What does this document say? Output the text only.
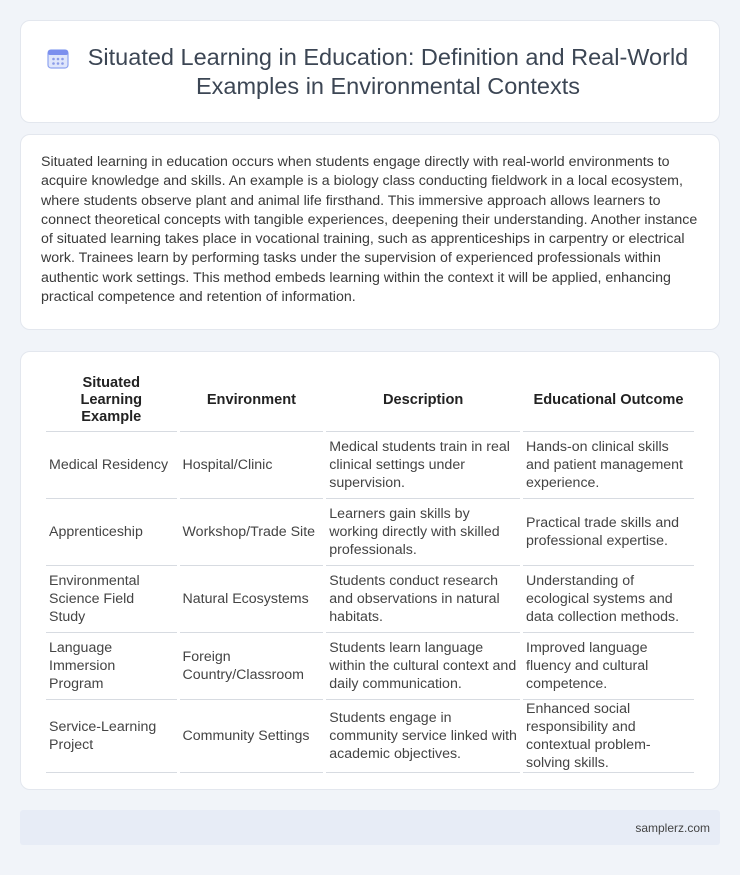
Situated Learning in Education: Definition and Real-World Examples in Environmental Contexts

Situated learning in education occurs when students engage directly with real-world environments to acquire knowledge and skills. An example is a biology class conducting fieldwork in a local ecosystem, where students observe plant and animal life firsthand. This immersive approach allows learners to connect theoretical concepts with tangible experiences, deepening their understanding. Another instance of situated learning takes place in vocational training, such as apprenticeships in carpentry or electrical work. Trainees learn by performing tasks under the supervision of experienced professionals within authentic work settings. This method embeds learning within the context it will be applied, enhancing practical competence and retention of information.

Situated Learning Example	Environment	Description	Educational Outcome
Medical Residency	Hospital/Clinic	Medical students train in real clinical settings under supervision.	Hands-on clinical skills and patient management experience.
Apprenticeship	Workshop/Trade Site	Learners gain skills by working directly with skilled professionals.	Practical trade skills and professional expertise.
Environmental Science Field Study	Natural Ecosystems	Students conduct research and observations in natural habitats.	Understanding of ecological systems and data collection methods.
Language Immersion Program	Foreign Country/Classroom	Students learn language within the cultural context and daily communication.	Improved language fluency and cultural competence.
Service-Learning Project	Community Settings	Students engage in community service linked with academic objectives.	Enhanced social responsibility and contextual problem-solving skills.
samplerz.com
